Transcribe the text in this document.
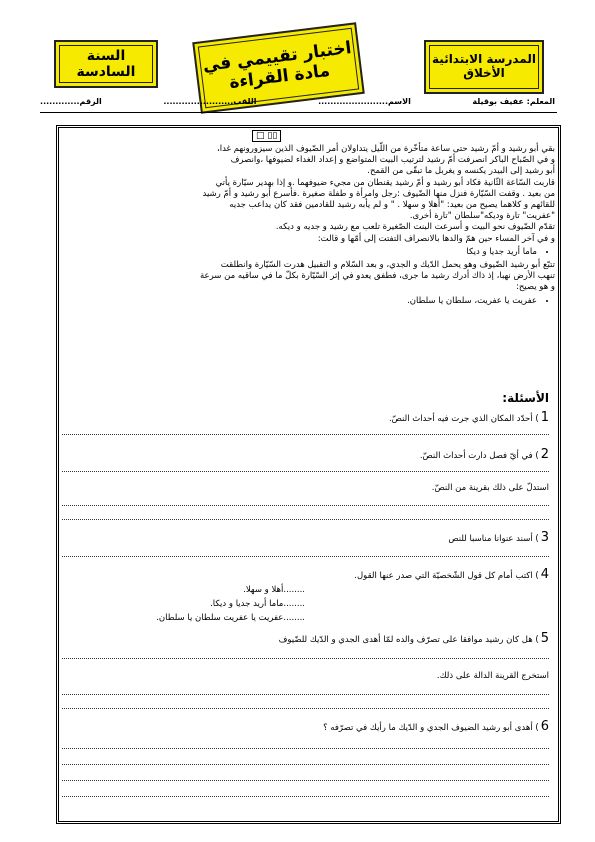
المدرسة الابتدائية الأخلاق
اختبار تقييمي في مادة القراءة
السنة السادسة
المعلم: عفيف بوقيلة
الاسم.......................
اللقب.......................
الرقم.............
□ ▯▯

بقي أبو رشيد و أمّ رشيد حتى ساعة متأخّرة من اللّيل يتداولان أمر الضّيوف الذين سيزورونهم غدا،

و في الصّباح الباكر انصرفت أمّ رشيد لترتيب البيت المتواضع و إعداد الغداء لضيوفها ،وانصرف

أبو رشيد إلى البيدر يكنسه و يغربل ما تبقّى من القمح.

قاربت السّاعة الثّانية فكاد أبو رشيد و أمّ رشيد يقنطان من مجيء ضيوفهما .و إذا بهدير سيّارة يأتي

من بعيد . وقفت السّيّارة فنزل منها الضّيوف :رجل وامرأة و طفلة صغيرة .فأسرع أبو رشيد و أمّ رشيد

للقائهم و كلاهما يصيح من بعيد: "أهلا و سهلا . " و لم يأبه رشيد للقادمين فقد كان يداعب جديه

"عفريت" تارة وديكه"سلطان "تارة أخرى.

تقدّم الضّيوف نحو البيت و أسرعت البنت الصّغيرة تلعب مع رشيد و جديه و ديكه.

و في آخر المساء حين همّ والدها بالانصراف التفتت إلى أمّها و قالت:

• ماما أريد جديا و ديكا

تتبّع أبو رشيد الضّيوف وهو يحمل الدّيك و الجدي، و بعد السّلام و التقبيل هدرت السّيّارة وانطلقت

تنهب الأرض نهبا، إذ ذاك أدرك رشيد ما جرى، فطفق يعدو في إثر السّيّارة بكلّ ما في ساقيه من سرعة

و هو يصيح:

• عفريت يا عفريت، سلطان يا سلطان.
الأسئلة:
1) أحدّد المكان الذي جرت فيه أحداث النصّ.
2) في أيّ فصل دارت أحداث النصّ.
استدلّ على ذلك بقرينة من النصّ.
3) أسند عنوانا مناسبا للنص
4) اكتب أمام كل قول الشّخصيّة التي صدر عنها القول.
........أهلا و سهلا.
........ماما أريد جديا و ديكا.
........عفريت يا عفريت سلطان يا سلطان.
5) هل كان رشيد موافقا على تصرّف والده لمّا أهدى الجدي و الدّيك للضّيوف
استخرج القرينة الدالة على ذلك.
6) أهدى أبو رشيد الضيوف الجدي و الدّيك ما رأيك في تصرّفه ؟
